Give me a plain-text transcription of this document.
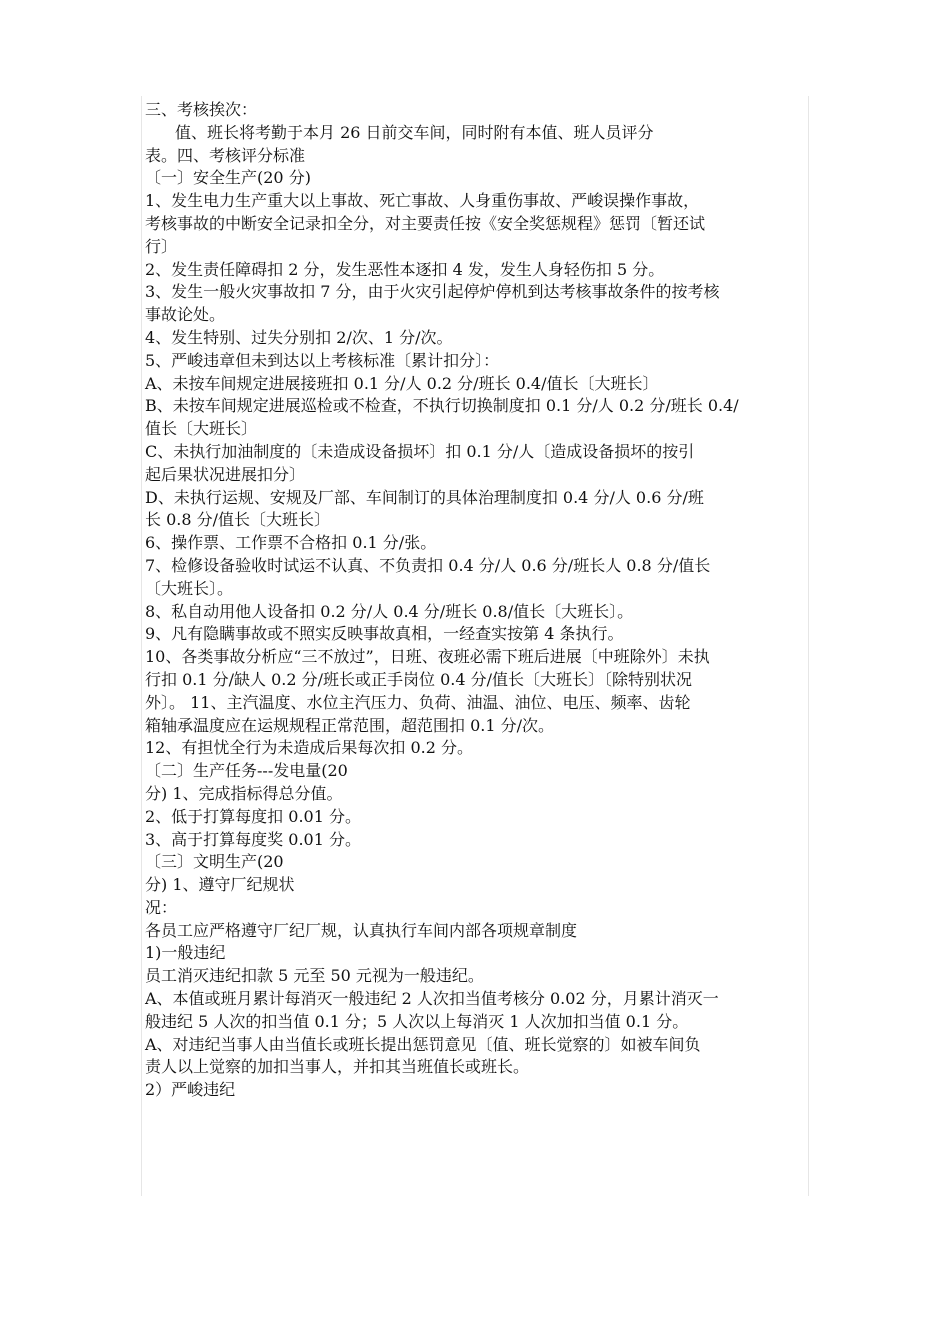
三、考核挨次：
值、班长将考勤于本月 26 日前交车间，同时附有本值、班人员评分
表。四、考核评分标准
〔一〕安全生产(20 分)
1、发生电力生产重大以上事故、死亡事故、人身重伤事故、严峻误操作事故，
考核事故的中断安全记录扣全分，对主要责任按《安全奖惩规程》惩罚〔暂还试
行〕
2、发生责任障碍扣 2 分，发生恶性本逐扣 4 发，发生人身轻伤扣 5 分。
3、发生一般火灾事故扣 7 分，由于火灾引起停炉停机到达考核事故条件的按考核
事故论处。
4、发生特别、过失分别扣 2/次、1 分/次。
5、严峻违章但未到达以上考核标准〔累计扣分〕：
A、未按车间规定进展接班扣 0.1 分/人 0.2 分/班长 0.4/值长〔大班长〕
B、未按车间规定进展巡检或不检查，不执行切换制度扣 0.1 分/人 0.2 分/班长 0.4/
值长〔大班长〕
C、未执行加油制度的〔未造成设备损坏〕扣 0.1 分/人〔造成设备损坏的按引
起后果状况进展扣分〕
D、未执行运规、安规及厂部、车间制订的具体治理制度扣 0.4 分/人 0.6 分/班
长 0.8 分/值长〔大班长〕
6、操作票、工作票不合格扣 0.1 分/张。
7、检修设备验收时试运不认真、不负责扣 0.4 分/人 0.6 分/班长人 0.8 分/值长
〔大班长〕。
8、私自动用他人设备扣 0.2 分/人 0.4 分/班长 0.8/值长〔大班长〕。
9、凡有隐瞒事故或不照实反映事故真相，一经查实按第 4 条执行。
10、各类事故分析应“三不放过”，日班、夜班必需下班后进展〔中班除外〕未执
行扣 0.1 分/缺人 0.2 分/班长或正手岗位 0.4 分/值长〔大班长〕〔除特别状况
外〕。 11、主汽温度、水位主汽压力、负荷、油温、油位、电压、频率、齿轮
箱轴承温度应在运规规程正常范围，超范围扣 0.1 分/次。
12、有担忧全行为未造成后果每次扣 0.2 分。
〔二〕生产任务---发电量(20
分) 1、完成指标得总分值。
2、低于打算每度扣 0.01 分。
3、高于打算每度奖 0.01 分。
〔三〕文明生产(20
分) 1、遵守厂纪规状
况：
各员工应严格遵守厂纪厂规，认真执行车间内部各项规章制度
1)一般违纪
员工消灭违纪扣款 5 元至 50 元视为一般违纪。
A、本值或班月累计每消灭一般违纪 2 人次扣当值考核分 0.02 分，月累计消灭一
般违纪 5 人次的扣当值 0.1 分；5 人次以上每消灭 1 人次加扣当值 0.1 分。
A、对违纪当事人由当值长或班长提出惩罚意见〔值、班长觉察的〕如被车间负
责人以上觉察的加扣当事人，并扣其当班值长或班长。
2）严峻违纪
